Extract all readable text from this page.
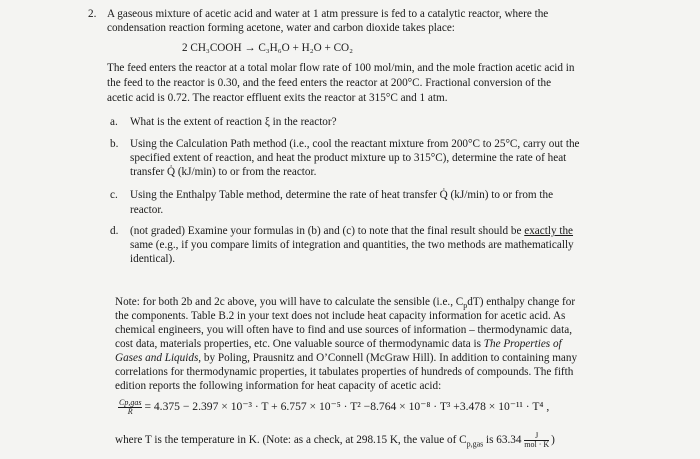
2. A gaseous mixture of acetic acid and water at 1 atm pressure is fed to a catalytic reactor, where the
condensation reaction forming acetone, water and carbon dioxide takes place:
2 CH₃COOH → C₃H₆O + H₂O + CO₂
The feed enters the reactor at a total molar flow rate of 100 mol/min, and the mole fraction acetic acid in
the feed to the reactor is 0.30, and the feed enters the reactor at 200°C. Fractional conversion of the
acetic acid is 0.72. The reactor effluent exits the reactor at 315°C and 1 atm.
a. What is the extent of reaction ξ in the reactor?
b. Using the Calculation Path method (i.e., cool the reactant mixture from 200°C to 25°C, carry out the
specified extent of reaction, and heat the product mixture up to 315°C), determine the rate of heat
transfer Q̇ (kJ/min) to or from the reactor.
c. Using the Enthalpy Table method, determine the rate of heat transfer Q̇ (kJ/min) to or from the
reactor.
d. (not graded) Examine your formulas in (b) and (c) to note that the final result should be exactly the
same (e.g., if you compare limits of integration and quantities, the two methods are mathematically
identical).
Note: for both 2b and 2c above, you will have to calculate the sensible (i.e., $C_pdT$) enthalpy change for
the components. Table B.2 in your text does not include heat capacity information for acetic acid. As
chemical engineers, you will often have to find and use sources of information – thermodynamic data,
cost data, materials properties, etc. One valuable source of thermodynamic data is The Properties of
Gases and Liquids, by Poling, Prausnitz and O’Connell (McGraw Hill). In addition to containing many
correlations for thermodynamic properties, it tabulates properties of hundreds of compounds. The fifth
edition reports the following information for heat capacity of acetic acid:
$\frac{\text{Cp,gas}}{R} = 4.375 - 2.397 \times 10^{-3} \cdot T + 6.757 \times 10^{-5} \cdot T^2 -8.764 \times 10^{-8} \cdot T^3 +3.478 \times 10^{-11} \cdot T^4$ ,
where T is the temperature in K. (Note: as a check, at 298.15 K, the value of $C_{p,gas}$ is $63.34 \frac{J}{\text{mol · K}}$ )
